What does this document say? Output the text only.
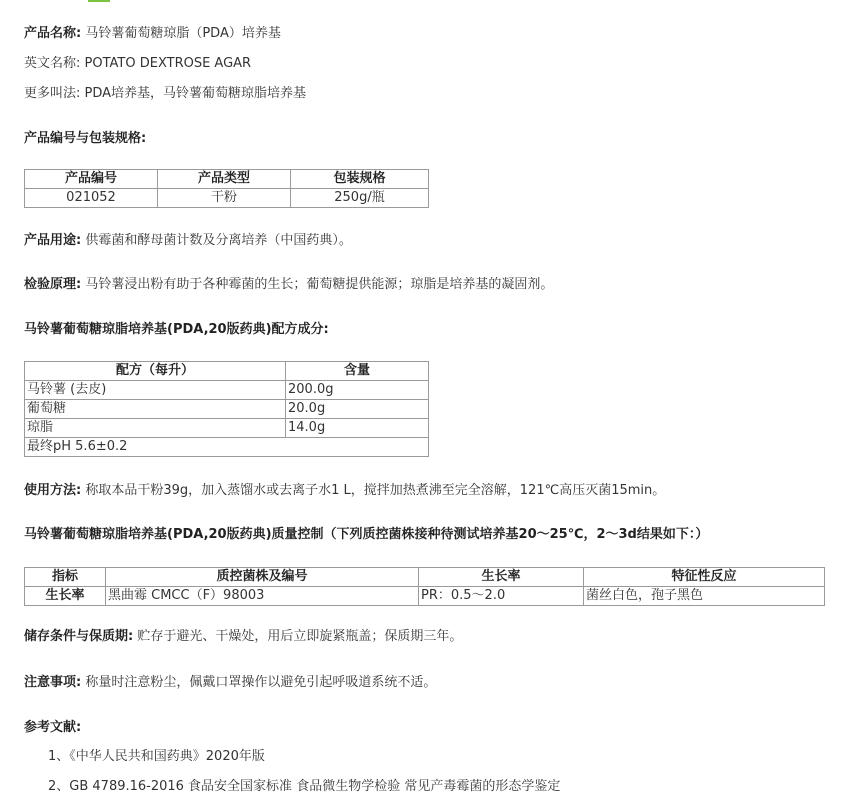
产品名称: 马铃薯葡萄糖琼脂（PDA）培养基
英文名称: POTATO DEXTROSE AGAR
更多叫法: PDA培养基，马铃薯葡萄糖琼脂培养基
产品编号与包装规格:
产品编号	产品类型	包装规格
021052	干粉	250g/瓶
产品用途: 供霉菌和酵母菌计数及分离培养（中国药典）。
检验原理: 马铃薯浸出粉有助于各种霉菌的生长；葡萄糖提供能源；琼脂是培养基的凝固剂。
马铃薯葡萄糖琼脂培养基(PDA,20版药典)配方成分:
配方（每升）	含量
马铃薯 (去皮)	200.0g
葡萄糖	20.0g
琼脂	14.0g
最终pH 5.6±0.2	
使用方法: 称取本品干粉39g，加入蒸馏水或去离子水1 L，搅拌加热煮沸至完全溶解，121℃高压灭菌15min。
马铃薯葡萄糖琼脂培养基(PDA,20版药典)质量控制（下列质控菌株接种待测试培养基20～25℃，2～3d结果如下：）
指标	质控菌株及编号	生长率	特征性反应
生长率	黑曲霉 CMCC（F）98003	PR：0.5～2.0	菌丝白色，孢子黑色
储存条件与保质期: 贮存于避光、干燥处，用后立即旋紧瓶盖；保质期三年。
注意事项: 称量时注意粉尘，佩戴口罩操作以避免引起呼吸道系统不适。
参考文献:
1、《中华人民共和国药典》2020年版
2、GB 4789.16-2016 食品安全国家标准 食品微生物学检验 常见产毒霉菌的形态学鉴定
